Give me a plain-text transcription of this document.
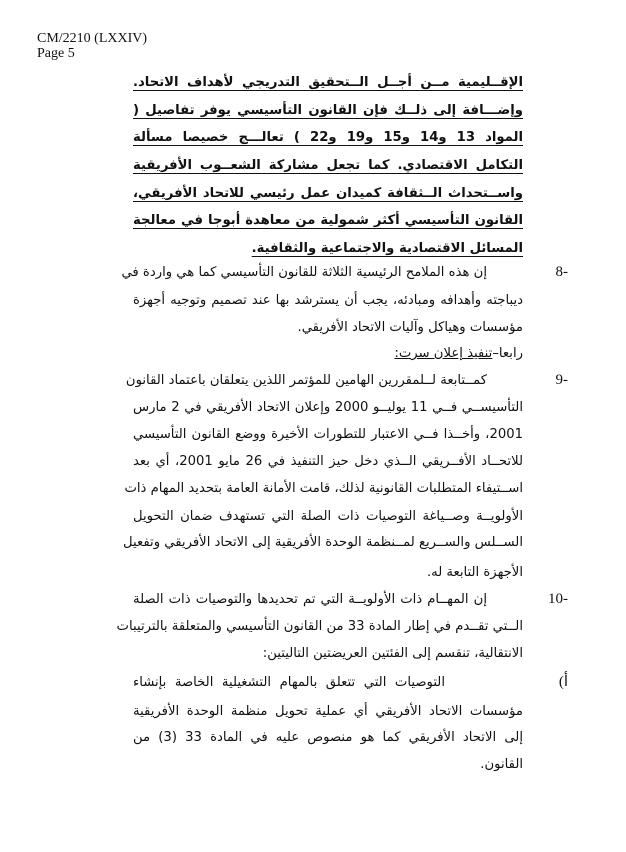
CM/2210 (LXXIV)
Page 5
الإقــليمية مــن أجــل الــتحقيق التدريجي لأهداف الاتحاد.
وإضـــافة إلى ذلــك فإن القانون التأسيسي يوفر تفاصيل (
المواد 13 و14 و15 و19 و22 ) تعالـــج خصيصا مسألة
التكامل الاقتصادي. كما تجعل مشاركة الشعــوب الأفريقية
واســتحداث الــثقافة كميدان عمل رئيسي للاتحاد الأفريقي،
القانون التأسيسي أكثر شمولية من معاهدة أبوجا في معالجة
المسائل الاقتصادية والاجتماعية والثقافية.
8-
إن هذه الملامح الرئيسية الثلاثة للقانون التأسيسي كما هي واردة في
ديباجته وأهدافه ومبادئه، يجب أن يسترشد بها عند تصميم وتوجيه أجهزة
مؤسسات وهياكل وآليات الاتحاد الأفريقي.
رابعا–تنفيذ إعلان سرت:
9-
كمــتابعة لــلمقررين الهامين للمؤتمر اللذين يتعلقان باعتماد القانون
التأسيســي فــي 11 يوليــو 2000 وإعلان الاتحاد الأفريقي في 2 مارس
2001، وأخــذا فــي الاعتبار للتطورات الأخيرة ووضع القانون التأسيسي
للاتحــاد الأفــريقي الــذي دخل حيز التنفيذ في 26 مايو 2001، أي بعد
اســتيفاء المتطلبات القانونية لذلك، قامت الأمانة العامة بتحديد المهام ذات
الأولويــة وصــياغة التوصيات ذات الصلة التي تستهدف ضمان التحويل
الســلس والســريع لمــنظمة الوحدة الأفريقية إلى الاتحاد الأفريقي وتفعيل
الأجهزة التابعة له.
10-
إن المهــام ذات الأولويــة التي تم تحديدها والتوصيات ذات الصلة
الــتي تقــدم في إطار المادة 33 من القانون التأسيسي والمتعلقة بالترتيبات
الانتقالية، تنقسم إلى الفئتين العريضتين التاليتين:
(أ
التوصيات التي تتعلق بالمهام التشغيلية الخاصة بإنشاء
مؤسسات الاتحاد الأفريقي أي عملية تحويل منظمة الوحدة الأفريقية
إلى الاتحاد الأفريقي كما هو منصوص عليه في المادة 33 (3) من
القانون.
